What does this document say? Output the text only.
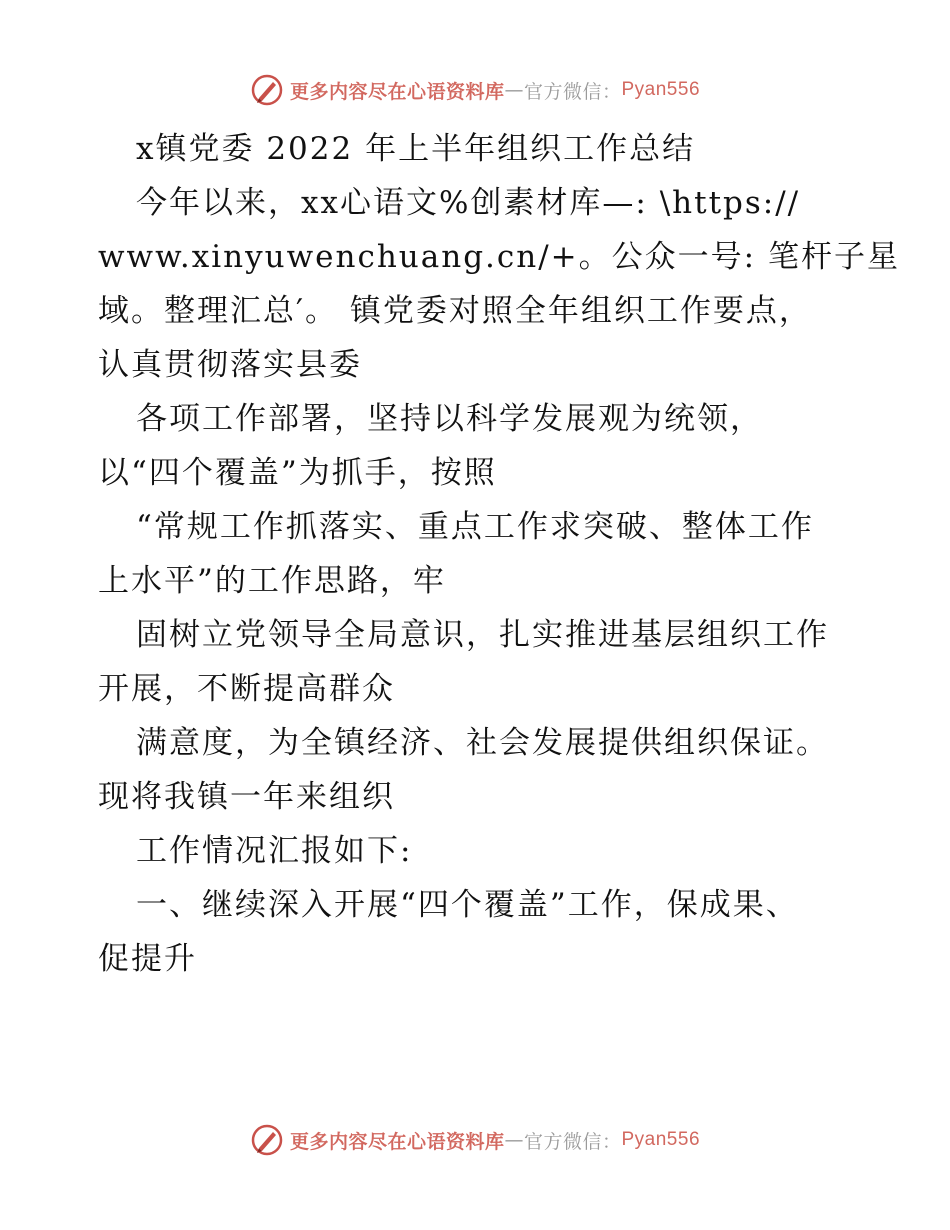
更多内容尽在心语资料库 — 官方微信： Pyan556
x镇党委 2022 年上半年组织工作总结
今年以来，xx心语文%创素材库—: \https://
www.xinyuwenchuang.cn/+。公众一号: 笔杆子星
域。整理汇总′。 镇党委对照全年组织工作要点，
认真贯彻落实县委
各项工作部署，坚持以科学发展观为统领，
以“四个覆盖”为抓手，按照
“常规工作抓落实、重点工作求突破、整体工作
上水平”的工作思路，牢
固树立党领导全局意识，扎实推进基层组织工作
开展，不断提高群众
满意度，为全镇经济、社会发展提供组织保证。
现将我镇一年来组织
工作情况汇报如下:
一、继续深入开展“四个覆盖”工作，保成果、
促提升
更多内容尽在心语资料库 — 官方微信： Pyan556
